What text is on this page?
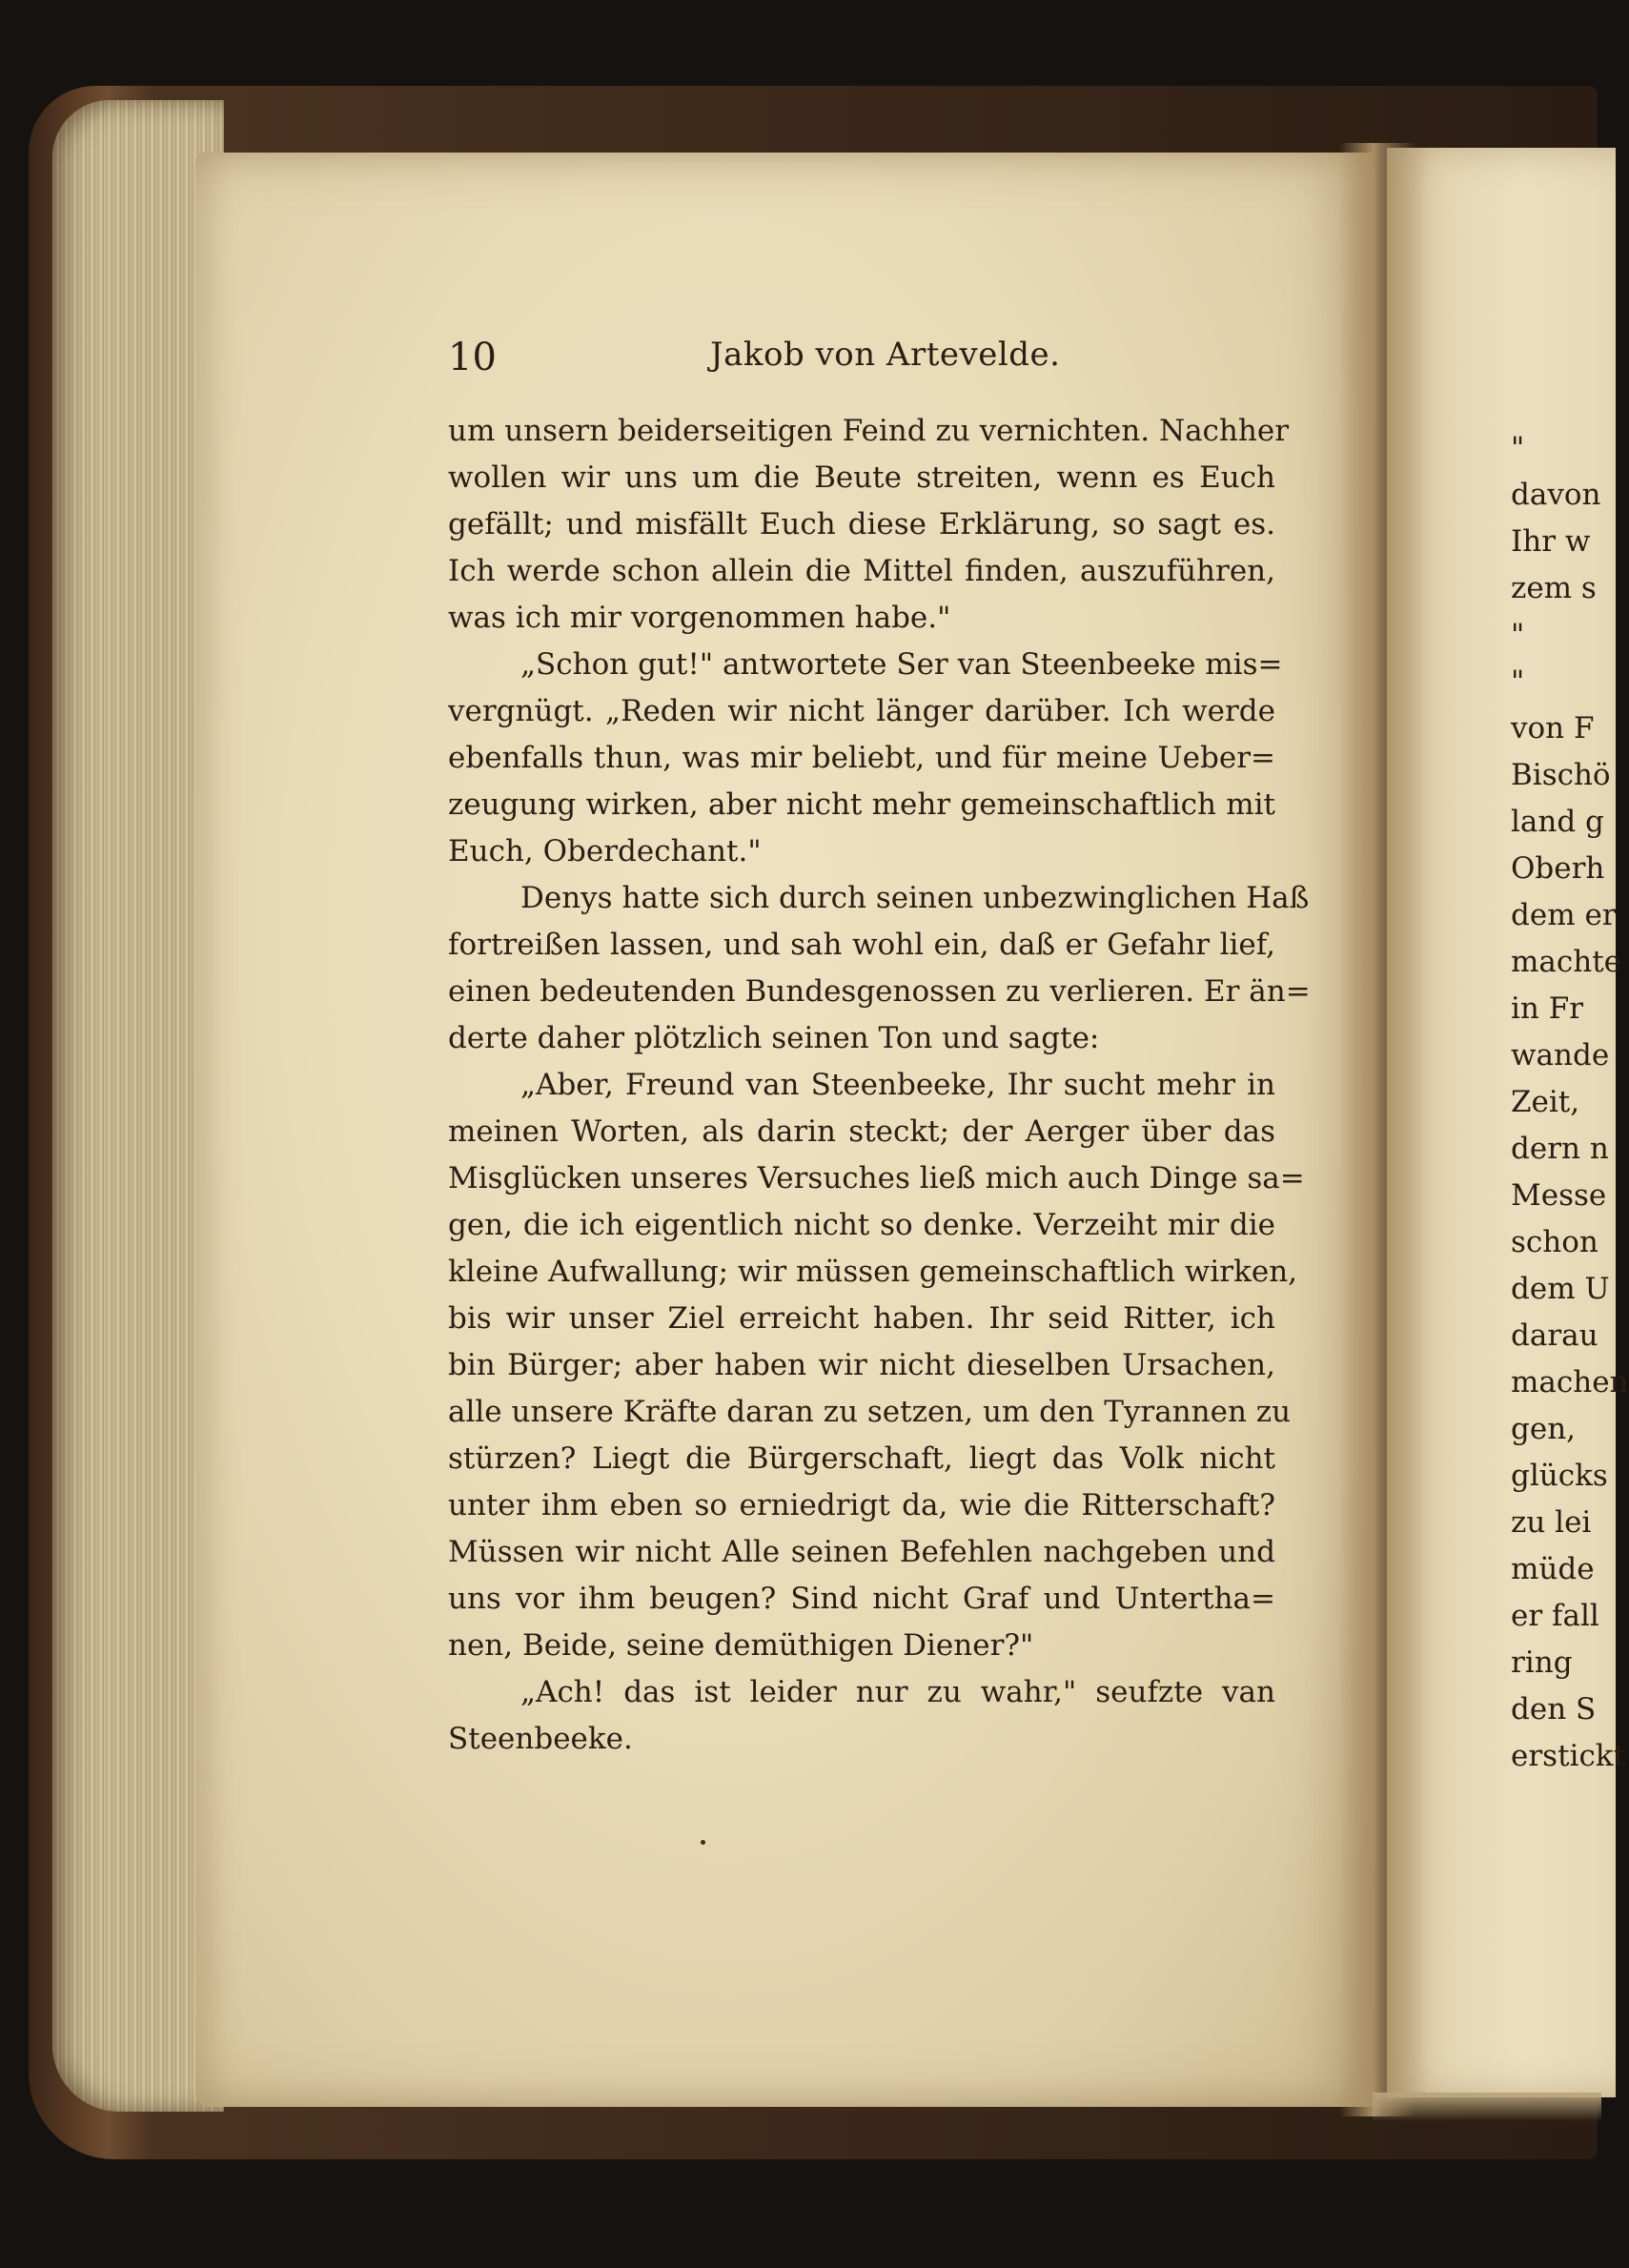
10	Jakob von Artevelde.
um unsern beiderseitigen Feind zu vernichten. Nachher
wollen wir uns um die Beute streiten, wenn es Euch
gefällt; und misfällt Euch diese Erklärung, so sagt es.
Ich werde schon allein die Mittel finden, auszuführen,
was ich mir vorgenommen habe."
„Schon gut!" antwortete Ser van Steenbeeke mis=
vergnügt. „Reden wir nicht länger darüber. Ich werde
ebenfalls thun, was mir beliebt, und für meine Ueber=
zeugung wirken, aber nicht mehr gemeinschaftlich mit
Euch, Oberdechant."
Denys hatte sich durch seinen unbezwinglichen Haß
fortreißen lassen, und sah wohl ein, daß er Gefahr lief,
einen bedeutenden Bundesgenossen zu verlieren. Er än=
derte daher plötzlich seinen Ton und sagte:
„Aber, Freund van Steenbeeke, Ihr sucht mehr in
meinen Worten, als darin steckt; der Aerger über das
Misglücken unseres Versuches ließ mich auch Dinge sa=
gen, die ich eigentlich nicht so denke. Verzeiht mir die
kleine Aufwallung; wir müssen gemeinschaftlich wirken,
bis wir unser Ziel erreicht haben. Ihr seid Ritter, ich
bin Bürger; aber haben wir nicht dieselben Ursachen,
alle unsere Kräfte daran zu setzen, um den Tyrannen zu
stürzen? Liegt die Bürgerschaft, liegt das Volk nicht
unter ihm eben so erniedrigt da, wie die Ritterschaft?
Müssen wir nicht Alle seinen Befehlen nachgeben und
uns vor ihm beugen? Sind nicht Graf und Untertha=
nen, Beide, seine demüthigen Diener?"
„Ach! das ist leider nur zu wahr," seufzte van
Steenbeeke.
"
davon
Ihr w
zem s
"
"
von F
Bischö
land g
Oberh
dem er
machte
in Fr
wande
Zeit,
dern n
Messe
schon
dem U
darau
machen
gen,
glücks
zu lei
müde
er fall
ring
den S
erstickt
